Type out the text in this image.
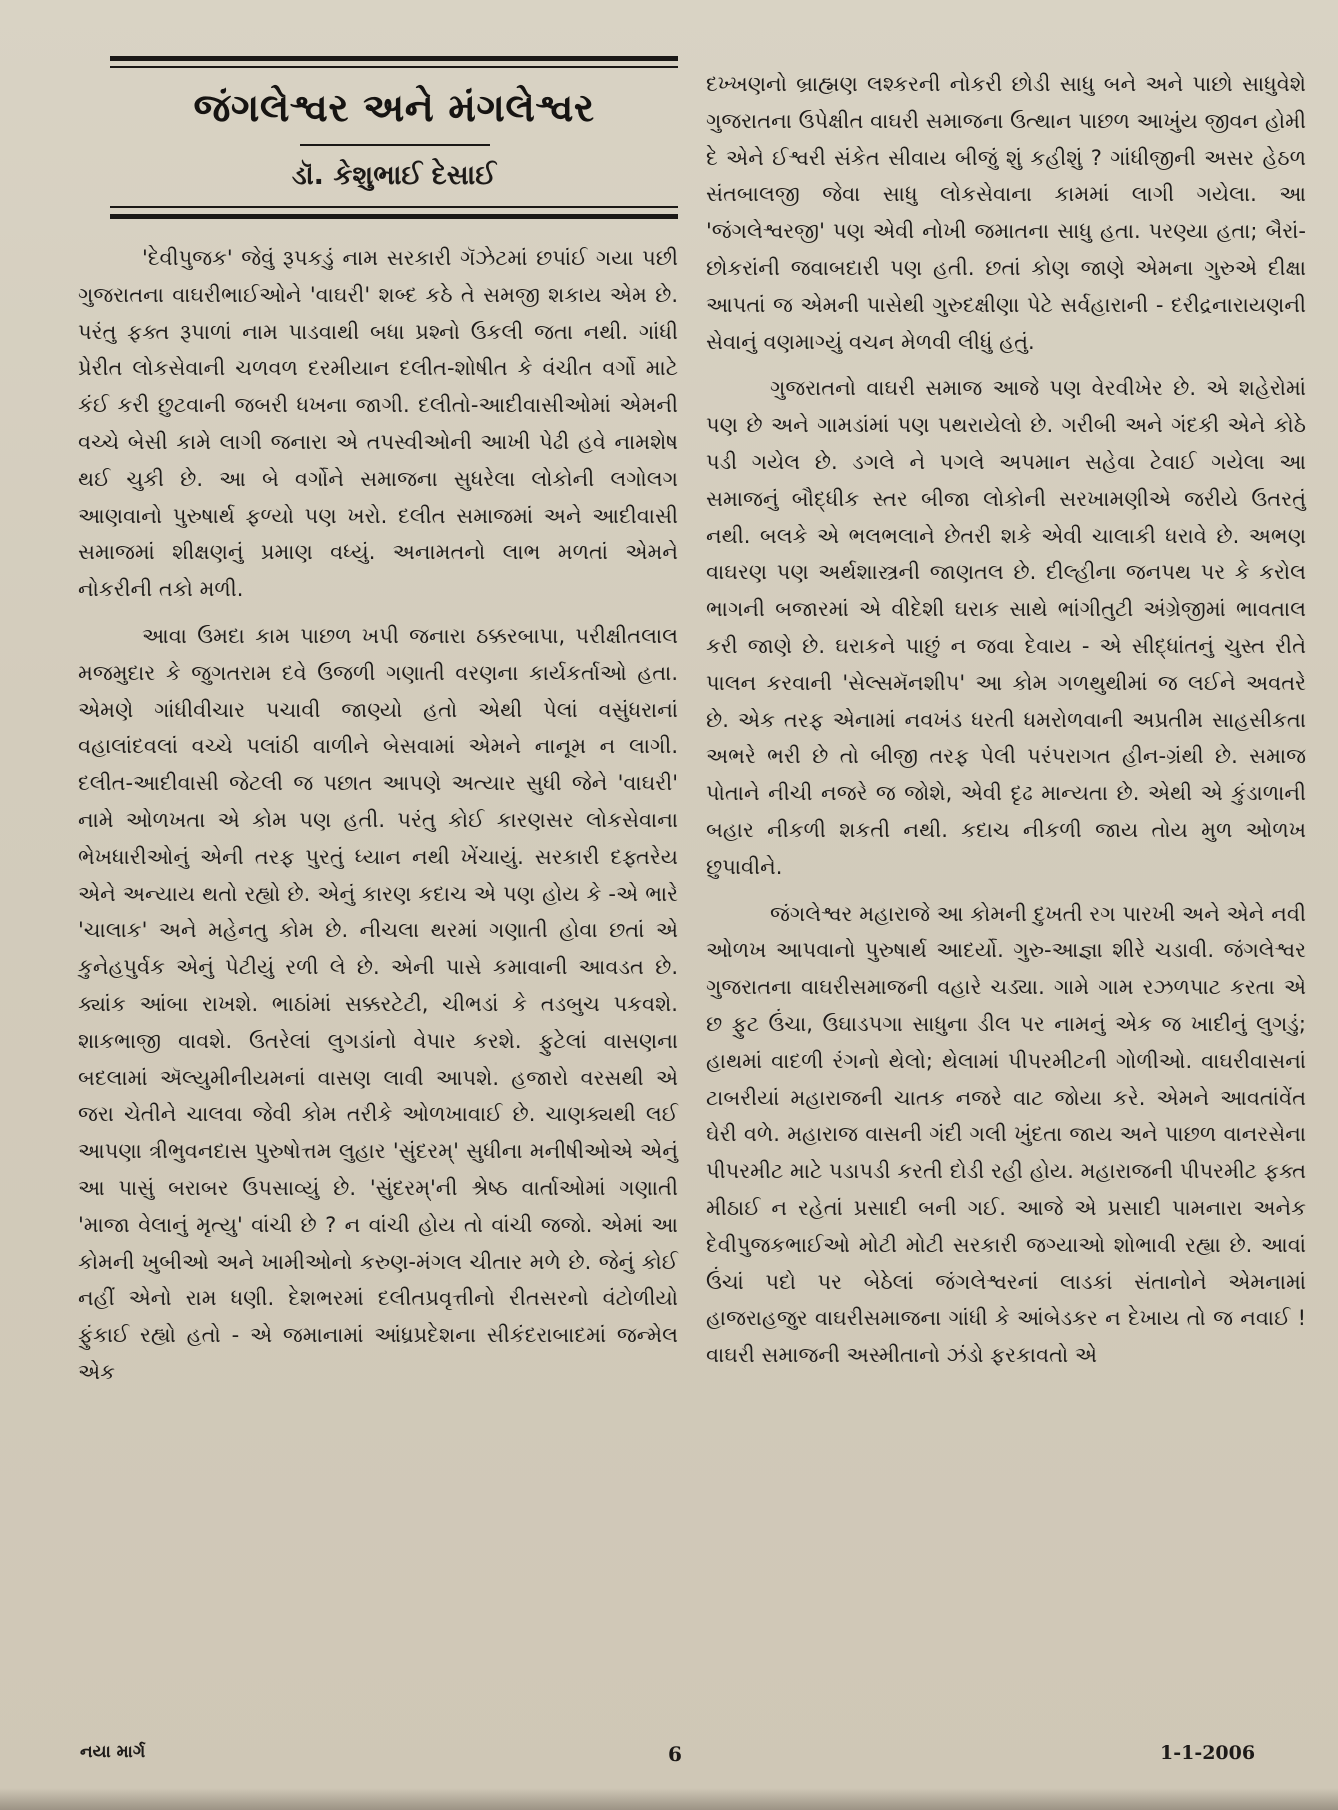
જંગલેશ્વર અને મંગલેશ્વર
ડૉ. કેશુભાઈ દેસાઈ

'દેવીપુજક' જેવું રૂપકડું નામ સરકારી ગૅઝેટમાં છપાંઈ ગયા પછી ગુજરાતના વાઘરીભાઈઓને 'વાઘરી' શબ્દ કઠે તે સમજી શકાય એમ છે. પરંતુ ફક્ત રૂપાળાં નામ પાડવાથી બધા પ્રશ્નો ઉકલી જતા નથી. ગાંધી પ્રેરીત લોકસેવાની ચળવળ દરમીયાન દલીત-શોષીત કે વંચીત વર્ગો માટે કંઈ કરી છુટવાની જબરી ધખના જાગી. દલીતો-આદીવાસીઓમાં એમની વચ્ચે બેસી કામે લાગી જનારા એ તપસ્વીઓની આખી પેઢી હવે નામશેષ થઈ ચુકી છે. આ બે વર્ગોને સમાજના સુધરેલા લોકોની લગોલગ આણવાનો પુરુષાર્થ ફળ્યો પણ ખરો. દલીત સમાજમાં અને આદીવાસી સમાજમાં શીક્ષણનું પ્રમાણ વધ્યું. અનામતનો લાભ મળતાં એમને નોકરીની તકો મળી.

આવા ઉમદા કામ પાછળ ખપી જનારા ઠક્કરબાપા, પરીક્ષીતલાલ મજમુદાર કે જુગતરામ દવે ઉજળી ગણાતી વરણના કાર્યકર્તાઓ હતા. એમણે ગાંધીવીચાર પચાવી જાણ્યો હતો એથી પેલાં વસુંધરાનાં વહાલાંદવલાં વચ્ચે પલાંઠી વાળીને બેસવામાં એમને નાનૂમ ન લાગી. દલીત-આદીવાસી જેટલી જ પછાત આપણે અત્યાર સુધી જેને 'વાઘરી' નામે ઓળખતા એ કોમ પણ હતી. પરંતુ કોઈ કારણસર લોકસેવાના ભેખધારીઓનું એની તરફ પુરતું ધ્યાન નથી ખેંચાયું. સરકારી દફ્તરેય એને અન્યાય થતો રહ્યો છે. એનું કારણ કદાચ એ પણ હોય કે -એ ભારે 'ચાલાક' અને મહેનતુ કોમ છે. નીચલા થરમાં ગણાતી હોવા છતાં એ કુનેહપુર્વક એનું પેટીયું રળી લે છે. એની પાસે કમાવાની આવડત છે. ક્યાંક આંબા રાખશે. ભાઠાંમાં સક્કરટેટી, ચીભડાં કે તડબુચ પકવશે. શાકભાજી વાવશે. ઉતરેલાં લુગડાંનો વેપાર કરશે. ફુટેલાં વાસણના બદલામાં ઍલ્યુમીનીયમનાં વાસણ લાવી આપશે. હજારો વરસથી એ જરા ચેતીને ચાલવા જેવી કોમ તરીકે ઓળખાવાઈ છે. ચાણક્યથી લઈ આપણા ત્રીભુવનદાસ પુરુષોત્તમ લુહાર 'સુંદરમ્' સુધીના મનીષીઓએ એનું આ પાસું બરાબર ઉપસાવ્યું છે. 'સુંદરમ્'ની શ્રેષ્ઠ વાર્તાઓમાં ગણાતી 'માજા વેલાનું મૃત્યુ' વાંચી છે ? ન વાંચી હોય તો વાંચી જજો. એમાં આ કોમની ખુબીઓ અને ખામીઓનો કરુણ-મંગલ ચીતાર મળે છે. જેનું કોઈ નહીં એનો રામ ધણી. દેશભરમાં દલીતપ્રવૃત્તીનો રીતસરનો વંટોળીયો ફુંકાઈ રહ્યો હતો - એ જમાનામાં આંધ્રપ્રદેશના સીકંદરાબાદમાં જન્મેલ એક

દખ્ખણનો બ્રાહ્મણ લશ્કરની નોકરી છોડી સાધુ બને અને પાછો સાધુવેશે ગુજરાતના ઉપેક્ષીત વાઘરી સમાજના ઉત્થાન પાછળ આખુંય જીવન હોમી દે એને ઈશ્વરી સંકેત સીવાય બીજું શું કહીશું ? ગાંધીજીની અસર હેઠળ સંતબાલજી જેવા સાધુ લોકસેવાના કામમાં લાગી ગયેલા. આ 'જંગલેશ્વરજી' પણ એવી નોખી જમાતના સાધુ હતા. પરણ્યા હતા; બૈરાં-છોકરાંની જવાબદારી પણ હતી. છતાં કોણ જાણે એમના ગુરુએ દીક્ષા આપતાં જ એમની પાસેથી ગુરુદક્ષીણા પેટે સર્વહારાની - દરીદ્રનારાયણની સેવાનું વણમાગ્યું વચન મેળવી લીધું હતું.

ગુજરાતનો વાઘરી સમાજ આજે પણ વેરવીખેર છે. એ શહેરોમાં પણ છે અને ગામડાંમાં પણ પથરાયેલો છે. ગરીબી અને ગંદકી એને કોઠે પડી ગયેલ છે. ડગલે ને પગલે અપમાન સહેવા ટેવાઈ ગયેલા આ સમાજનું બૌદ્ધીક સ્તર બીજા લોકોની સરખામણીએ જરીયે ઉતરતું નથી. બલકે એ ભલભલાને છેતરી શકે એવી ચાલાકી ધરાવે છે. અભણ વાઘરણ પણ અર્થશાસ્ત્રની જાણતલ છે. દીલ્હીના જનપથ પર કે કરોલ ભાગની બજારમાં એ વીદેશી ઘરાક સાથે ભાંગીતુટી અંગ્રેજીમાં ભાવતાલ કરી જાણે છે. ઘરાકને પાછું ન જવા દેવાય - એ સીદ્ધાંતનું ચુસ્ત રીતે પાલન કરવાની 'સેલ્સમૅનશીપ' આ કોમ ગળથુથીમાં જ લઈને અવતરે છે. એક તરફ એનામાં નવખંડ ધરતી ધમરોળવાની અપ્રતીમ સાહસીકતા અભરે ભરી છે તો બીજી તરફ પેલી પરંપરાગત હીન-ગ્રંથી છે. સમાજ પોતાને નીચી નજરે જ જોશે, એવી દૃઢ માન્યતા છે. એથી એ કુંડાળાની બહાર નીકળી શકતી નથી. કદાચ નીકળી જાય તોય મુળ ઓળખ છુપાવીને.

જંગલેશ્વર મહારાજે આ કોમની દુખતી રગ પારખી અને એને નવી ઓળખ આપવાનો પુરુષાર્થ આદર્યો. ગુરુ-આજ્ઞા શીરે ચડાવી. જંગલેશ્વર ગુજરાતના વાઘરીસમાજની વહારે ચડ્યા. ગામે ગામ રઝળપાટ કરતા એ છ ફુટ ઉંચા, ઉઘાડપગા સાધુના ડીલ પર નામનું એક જ ખાદીનું લુગડું; હાથમાં વાદળી રંગનો થેલો; થેલામાં પીપરમીટની ગોળીઓ. વાઘરીવાસનાં ટાબરીયાં મહારાજની ચાતક નજરે વાટ જોયા કરે. એમને આવતાંવેંત ઘેરી વળે. મહારાજ વાસની ગંદી ગલી ખુંદતા જાય અને પાછળ વાનરસેના પીપરમીટ માટે પડાપડી કરતી દોડી રહી હોય. મહારાજની પીપરમીટ ફક્ત મીઠાઈ ન રહેતાં પ્રસાદી બની ગઈ. આજે એ પ્રસાદી પામનારા અનેક દેવીપુજકભાઈઓ મોટી મોટી સરકારી જગ્યાઓ શોભાવી રહ્યા છે. આવાં ઉંચાં પદો પર બેઠેલાં જંગલેશ્વરનાં લાડકાં સંતાનોને એમનામાં હાજરાહજુર વાઘરીસમાજના ગાંધી કે આંબેડકર ન દેખાય તો જ નવાઈ ! વાઘરી સમાજની અસ્મીતાનો ઝંડો ફરકાવતો એ

નયા માર્ગ	6	1-1-2006
